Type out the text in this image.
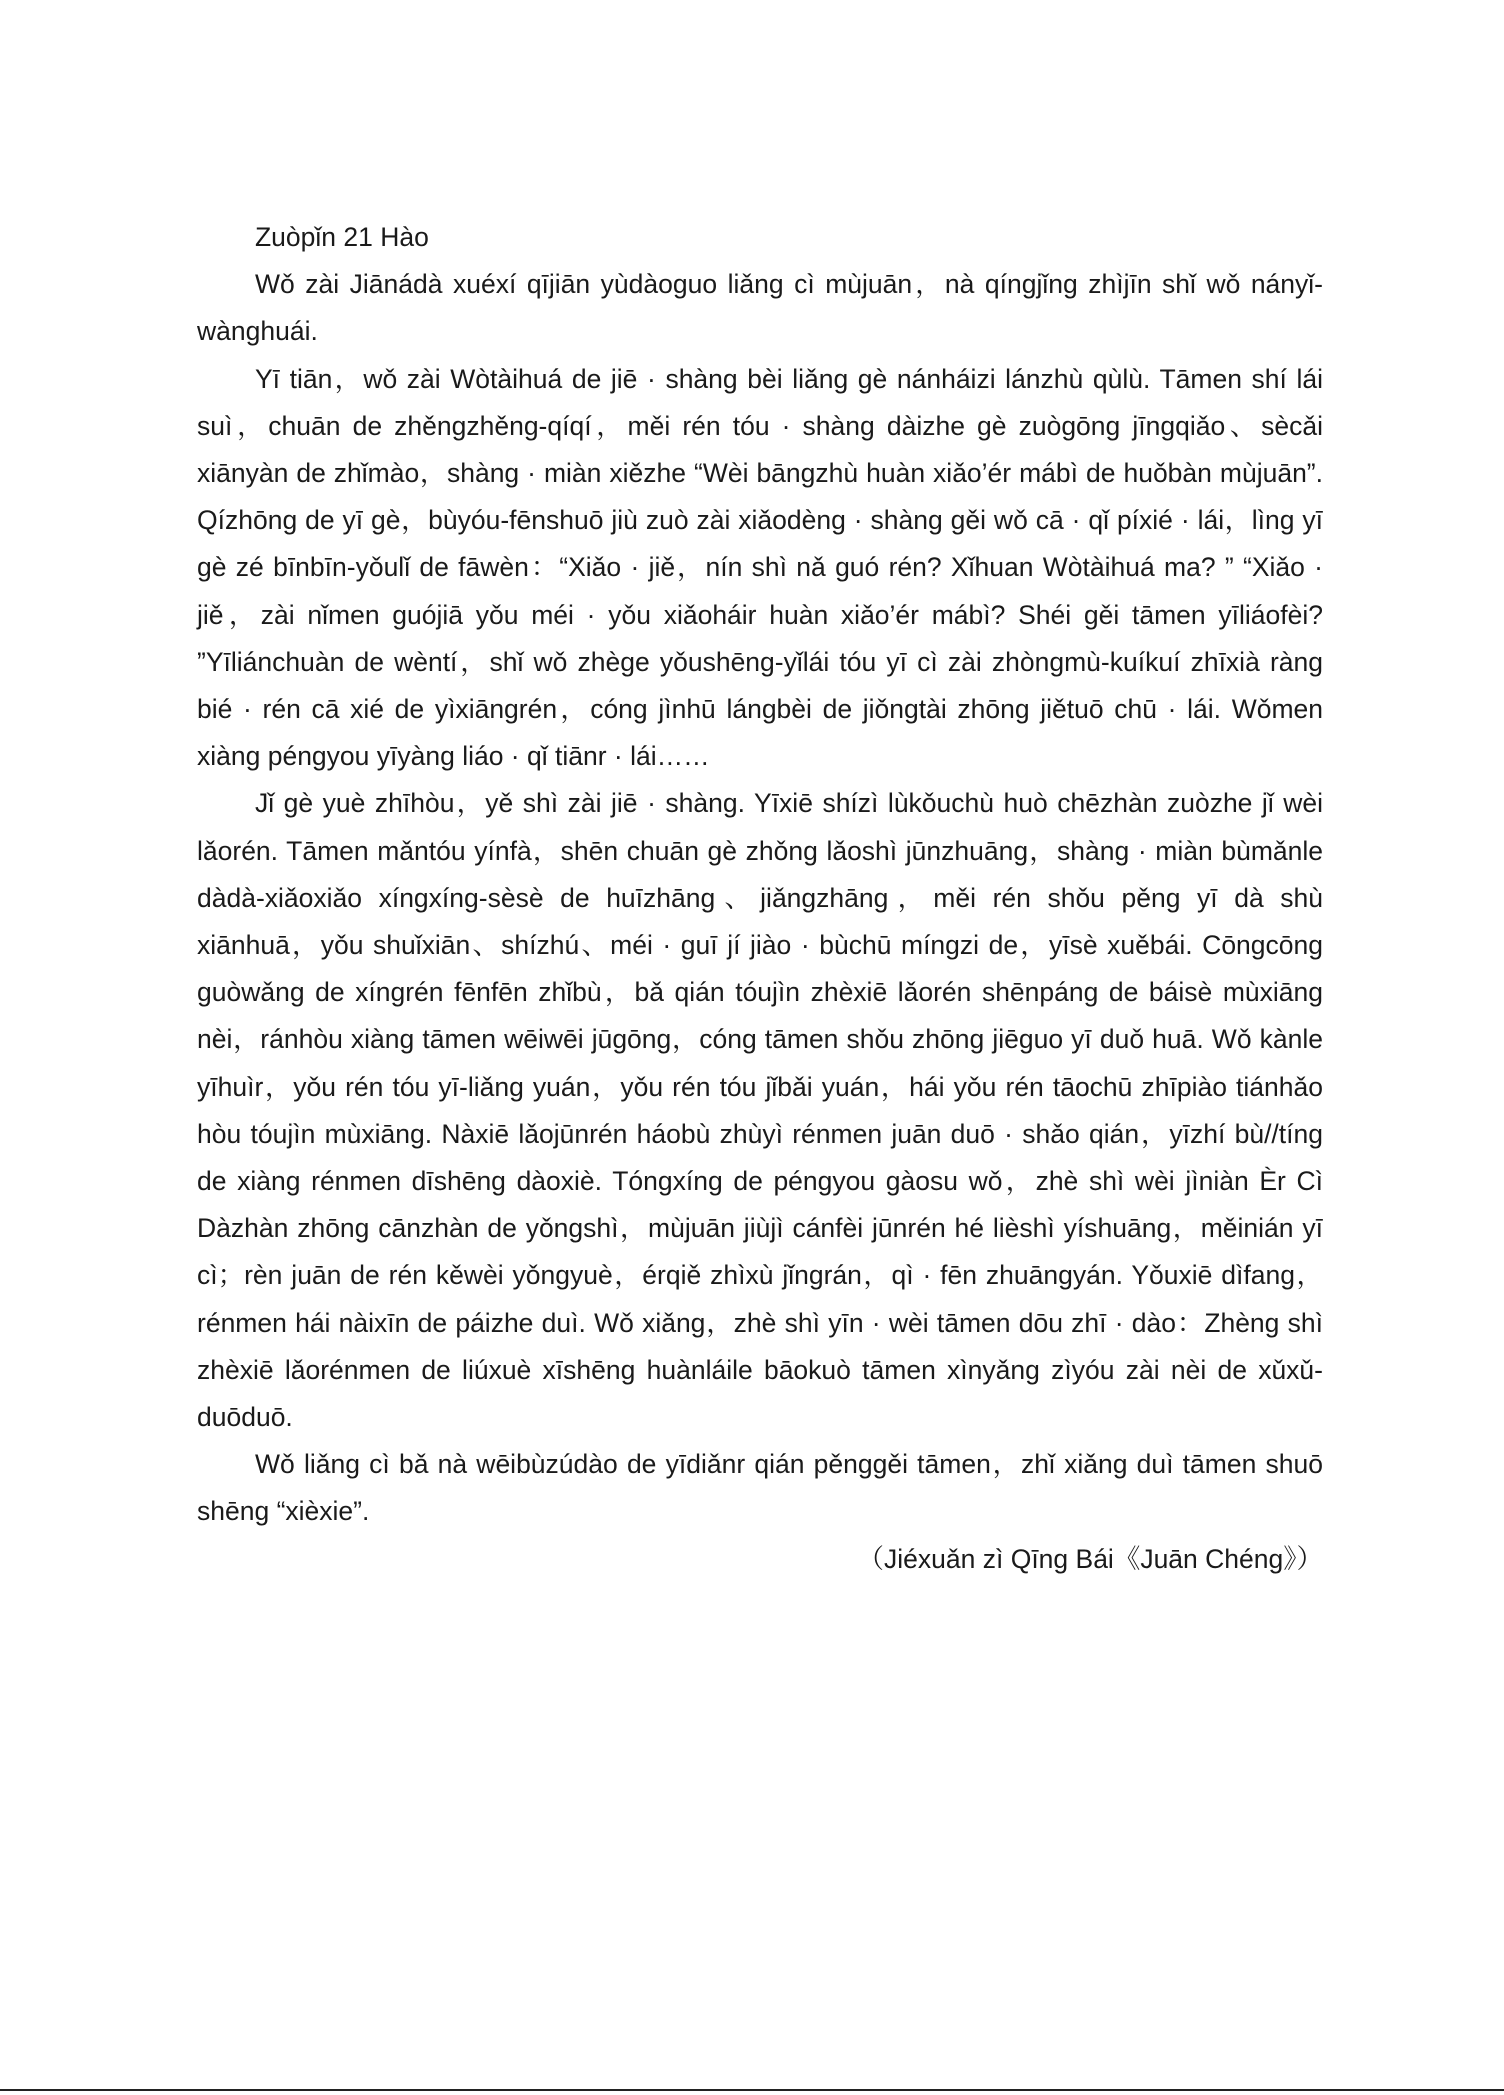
Zuòpǐn 21 Hào

Wǒ zài Jiānádà xuéxí qījiān yùdàoguo liǎng cì mùjuān，nà qíngjǐng zhìjīn shǐ wǒ nányǐ-wànghuái.

Yī tiān，wǒ zài Wòtàihuá de jiē · shàng bèi liǎng gè nánháizi lánzhù qùlù. Tāmen shí lái suì，chuān de zhěngzhěng-qíqí，měi rén tóu · shàng dàizhe gè zuògōng jīngqiǎo、sècǎi xiānyàn de zhǐmào，shàng · miàn xiězhe “Wèi bāngzhù huàn xiǎo’ér mábì de huǒbàn mùjuān”. Qízhōng de yī gè，bùyóu-fēnshuō jiù zuò zài xiǎodèng · shàng gěi wǒ cā · qǐ píxié · lái，lìng yī gè zé bīnbīn-yǒulǐ de fāwèn：“Xiǎo · jiě，nín shì nǎ guó rén? Xǐhuan Wòtàihuá ma? ” “Xiǎo · jiě，zài nǐmen guójiā yǒu méi · yǒu xiǎoháir huàn xiǎo’ér mábì? Shéi gěi tāmen yīliáofèi? ”Yīliánchuàn de wèntí，shǐ wǒ zhège yǒushēng-yǐlái tóu yī cì zài zhòngmù-kuíkuí zhīxià ràng bié · rén cā xié de yìxiāngrén，cóng jìnhū lángbèi de jiǒngtài zhōng jiětuō chū · lái. Wǒmen xiàng péngyou yīyàng liáo · qǐ tiānr · lái……

Jǐ gè yuè zhīhòu，yě shì zài jiē · shàng. Yīxiē shízì lùkǒuchù huò chēzhàn zuòzhe jǐ wèi lǎorén. Tāmen mǎntóu yínfà，shēn chuān gè zhǒng lǎoshì jūnzhuāng，shàng · miàn bùmǎnle dàdà-xiǎoxiǎo xíngxíng-sèsè de huīzhāng、jiǎngzhāng，měi rén shǒu pěng yī dà shù xiānhuā，yǒu shuǐxiān、shízhú、méi · guī jí jiào · bùchū míngzi de，yīsè xuěbái. Cōngcōng guòwǎng de xíngrén fēnfēn zhǐbù，bǎ qián tóujìn zhèxiē lǎorén shēnpáng de báisè mùxiāng nèi，ránhòu xiàng tāmen wēiwēi jūgōng，cóng tāmen shǒu zhōng jiēguo yī duǒ huā. Wǒ kànle yīhuìr，yǒu rén tóu yī-liǎng yuán，yǒu rén tóu jǐbǎi yuán，hái yǒu rén tāochū zhīpiào tiánhǎo hòu tóujìn mùxiāng. Nàxiē lǎojūnrén háobù zhùyì rénmen juān duō · shǎo qián，yīzhí bù//tíng de xiàng rénmen dīshēng dàoxiè. Tóngxíng de péngyou gàosu wǒ，zhè shì wèi jìniàn Èr Cì Dàzhàn zhōng cānzhàn de yǒngshì，mùjuān jiùjì cánfèi jūnrén hé lièshì yíshuāng，měinián yī cì；rèn juān de rén kěwèi yǒngyuè，érqiě zhìxù jǐngrán，qì · fēn zhuāngyán. Yǒuxiē dìfang，rénmen hái nàixīn de páizhe duì. Wǒ xiǎng，zhè shì yīn · wèi tāmen dōu zhī · dào：Zhèng shì zhèxiē lǎorénmen de liúxuè xīshēng huànláile bāokuò tāmen xìnyǎng zìyóu zài nèi de xǔxǔ-duōduō.

Wǒ liǎng cì bǎ nà wēibùzúdào de yīdiǎnr qián pěnggěi tāmen，zhǐ xiǎng duì tāmen shuō shēng “xièxie”.

（Jiéxuǎn zì Qīng Bái《Juān Chéng》）
